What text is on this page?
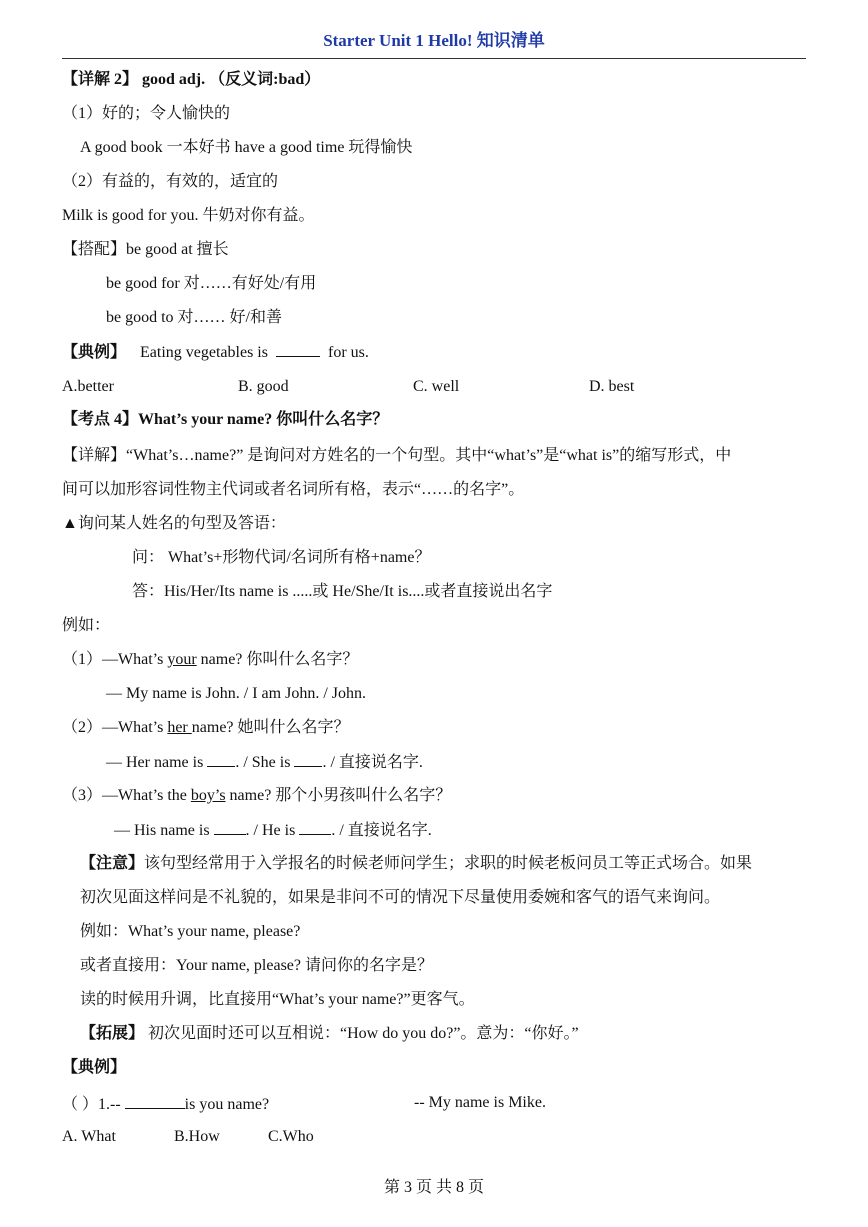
Starter Unit 1 Hello! 知识清单
【详解 2】 good adj. （反义词:bad）
（1）好的；令人愉快的
A good book 一本好书 have a good time 玩得愉快
（2）有益的，有效的，适宜的
Milk is good for you. 牛奶对你有益。
【搭配】be good at 擅长
be good for 对……有好处/有用
be good to 对…… 好/和善
【典例】 Eating vegetables is	for us.
A.better	B. good	C. well	D. best
【考点 4】What’s your name? 你叫什么名字？
【详解】“What’s…name?” 是询问对方姓名的一个句型。其中“what’s”是“what is”的缩写形式，中
间可以加形容词性物主代词或者名词所有格，表示“……的名字”。
▲询问某人姓名的句型及答语：
问： What’s+形物代词/名词所有格+name？
答：His/Her/Its name is .....或 He/She/It is....或者直接说出名字
例如：
（1）—What’s your name? 你叫什么名字？
— My name is John. / I am John. / John.
（2）—What’s her name? 她叫什么名字？
— Her name is . / She is . / 直接说名字.
（3）—What’s the boy’s name? 那个小男孩叫什么名字？
— His name is . / He is . / 直接说名字.
【注意】该句型经常用于入学报名的时候老师问学生；求职的时候老板问员工等正式场合。如果
初次见面这样问是不礼貌的，如果是非问不可的情况下尽量使用委婉和客气的语气来询问。
例如：What’s your name, please?
或者直接用：Your name, please? 请问你的名字是？
读的时候用升调，比直接用“What’s your name?”更客气。
【拓展】 初次见面时还可以互相说：“How do you do?”。意为：“你好。”
【典例】
（ ）1.--	is you name?	-- My name is Mike.
A. What	B.How	C.Who
第 3 页 共 8 页
